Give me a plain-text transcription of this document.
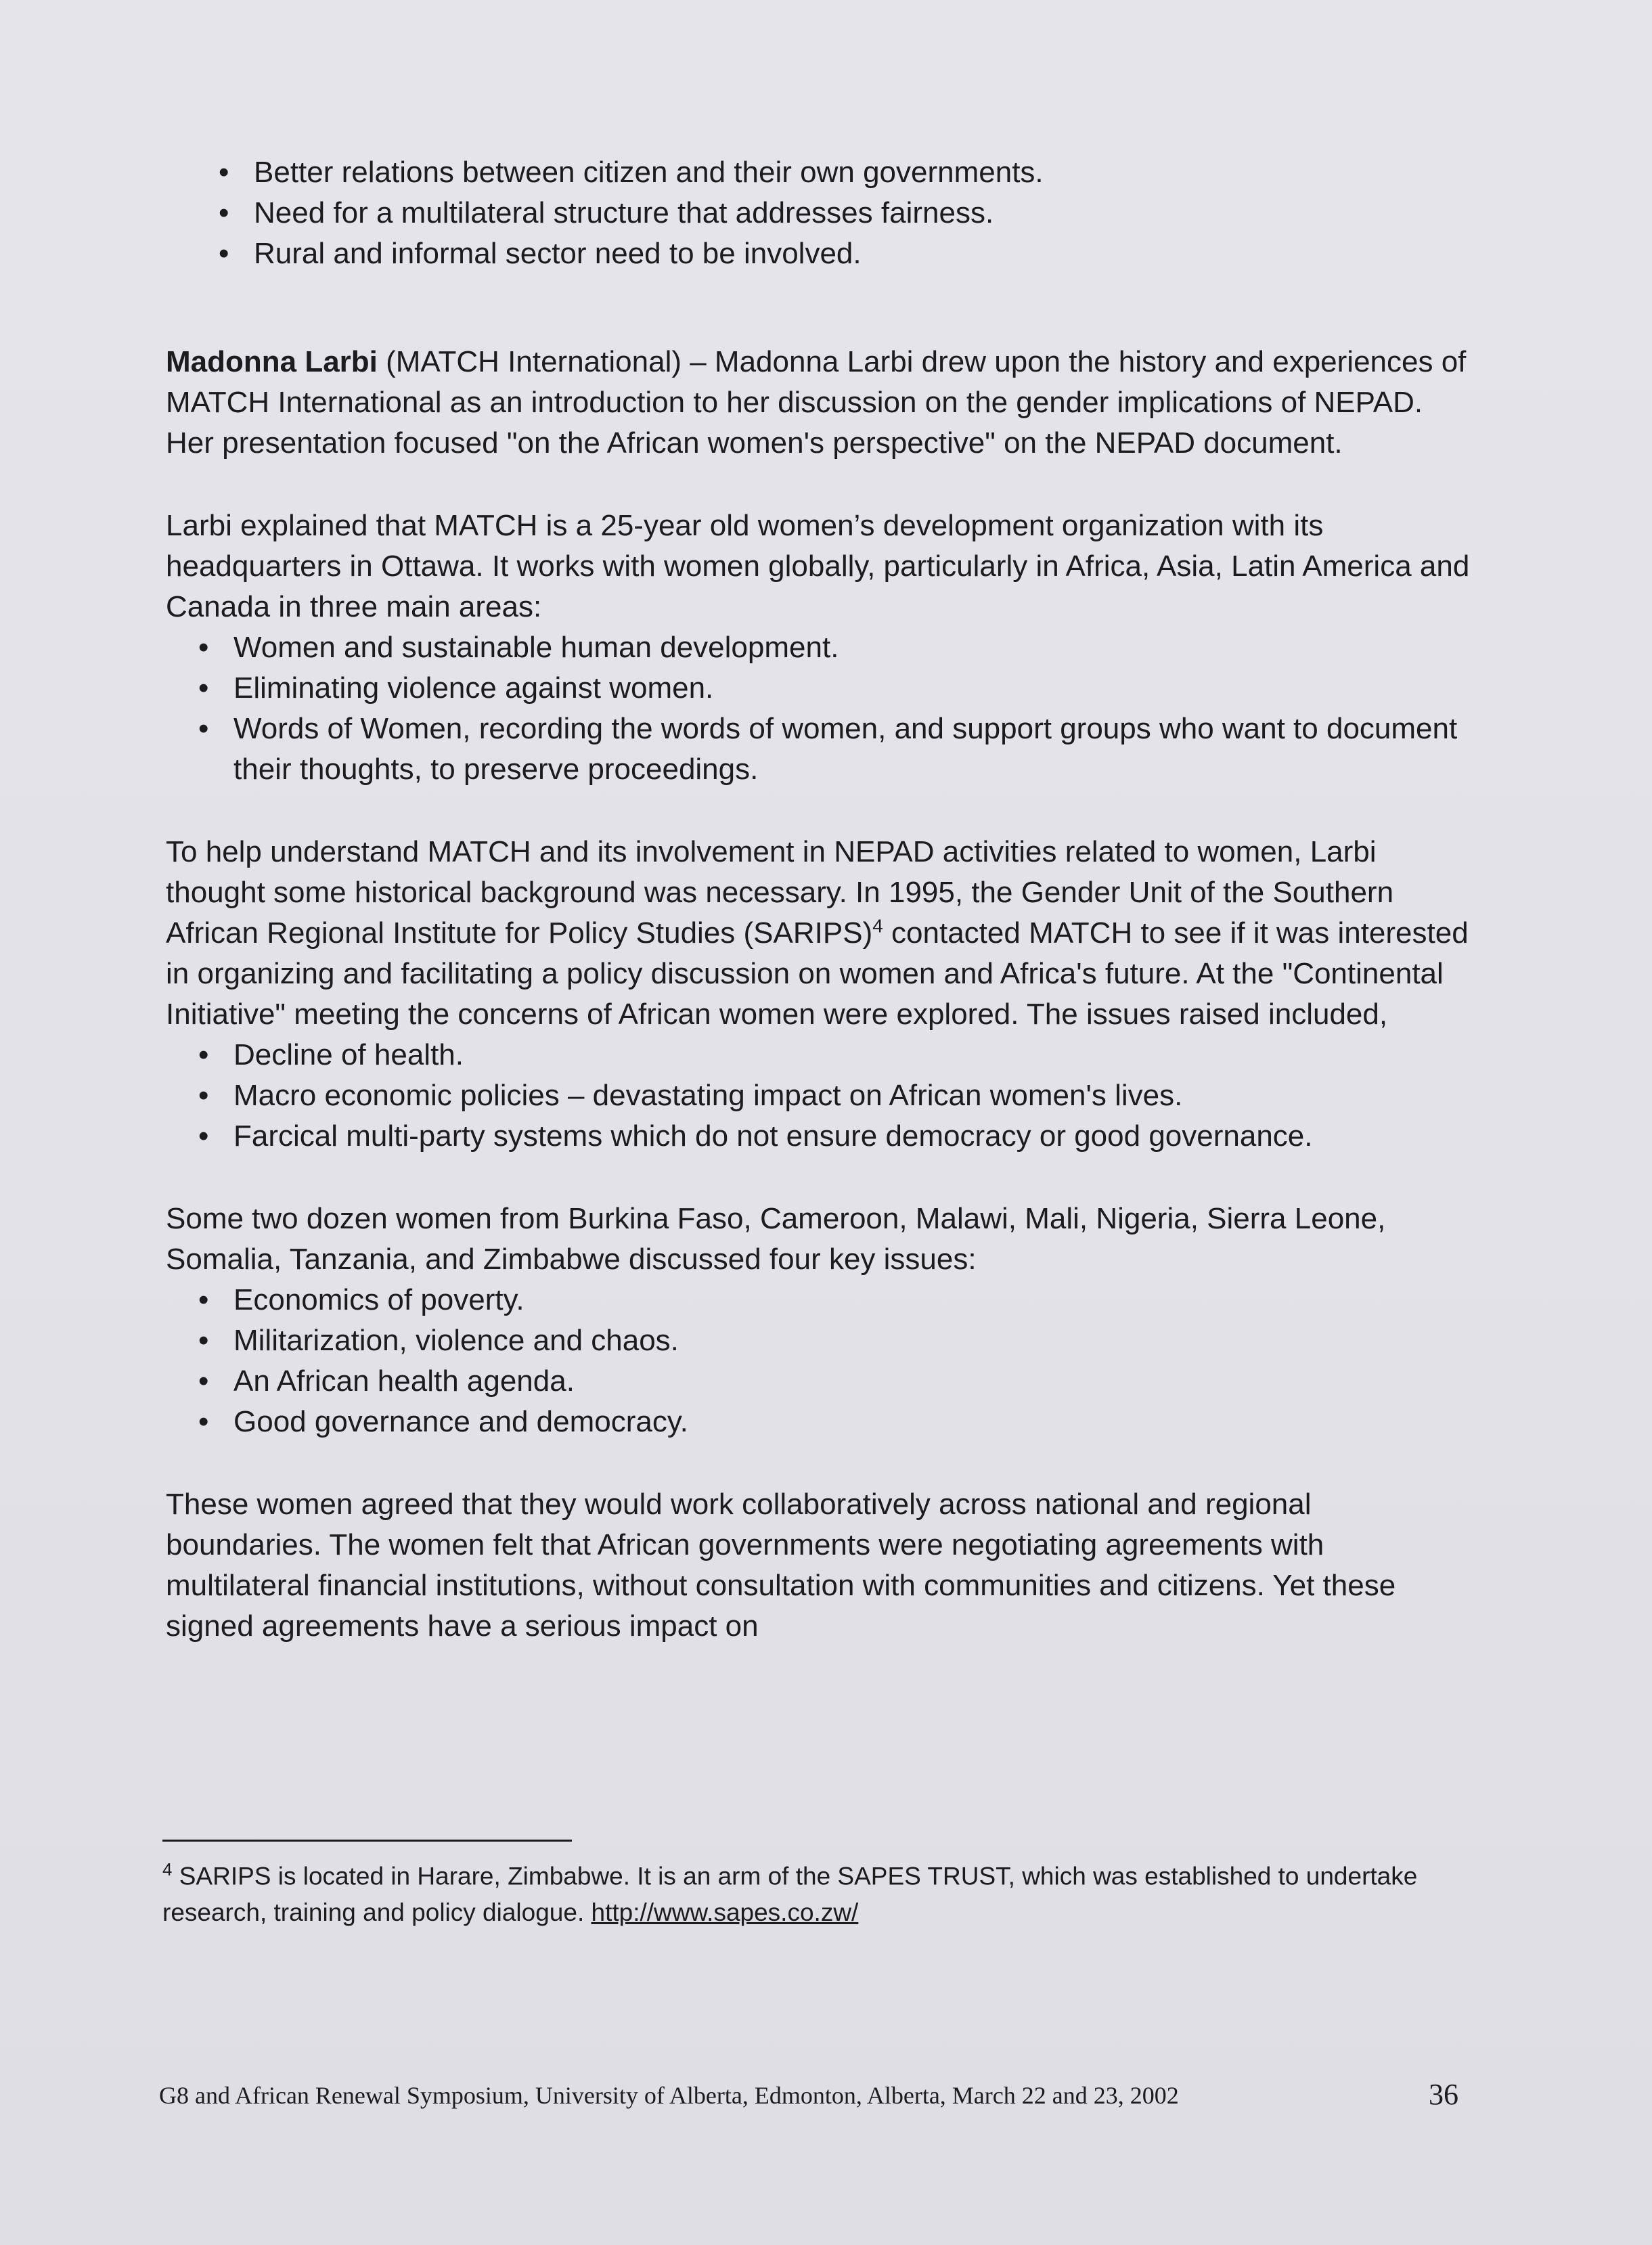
• Better relations between citizen and their own governments.
• Need for a multilateral structure that addresses fairness.
• Rural and informal sector need to be involved.

Madonna Larbi (MATCH International) – Madonna Larbi drew upon the history and experiences of MATCH International as an introduction to her discussion on the gender implications of NEPAD. Her presentation focused "on the African women's perspective" on the NEPAD document.

Larbi explained that MATCH is a 25-year old women’s development organization with its headquarters in Ottawa. It works with women globally, particularly in Africa, Asia, Latin America and Canada in three main areas:

• Women and sustainable human development.
• Eliminating violence against women.
• Words of Women, recording the words of women, and support groups who want to document their thoughts, to preserve proceedings.

To help understand MATCH and its involvement in NEPAD activities related to women, Larbi thought some historical background was necessary. In 1995, the Gender Unit of the Southern African Regional Institute for Policy Studies (SARIPS)$^4$ contacted MATCH to see if it was interested in organizing and facilitating a policy discussion on women and Africa's future. At the "Continental Initiative" meeting the concerns of African women were explored. The issues raised included,

• Decline of health.
• Macro economic policies – devastating impact on African women's lives.
• Farcical multi-party systems which do not ensure democracy or good governance.

Some two dozen women from Burkina Faso, Cameroon, Malawi, Mali, Nigeria, Sierra Leone, Somalia, Tanzania, and Zimbabwe discussed four key issues:

• Economics of poverty.
• Militarization, violence and chaos.
• An African health agenda.
• Good governance and democracy.

These women agreed that they would work collaboratively across national and regional boundaries. The women felt that African governments were negotiating agreements with multilateral financial institutions, without consultation with communities and citizens. Yet these signed agreements have a serious impact on

$^4$ SARIPS is located in Harare, Zimbabwe. It is an arm of the SAPES TRUST, which was established to undertake research, training and policy dialogue. http://www.sapes.co.zw/
G8 and African Renewal Symposium, University of Alberta, Edmonton, Alberta, March 22 and 23, 2002	36
